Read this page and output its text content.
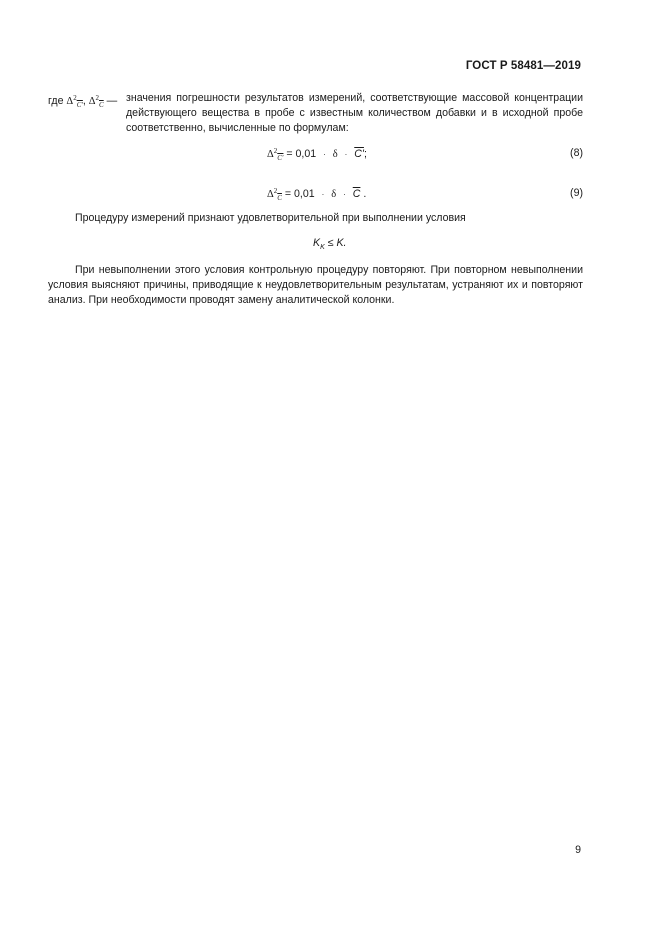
ГОСТ Р 58481—2019
где $\Delta^2_{C'}$, $\Delta^2_{\overline{C}}$ — значения погрешности результатов измерений, соответствующие массовой концентрации действующего вещества в пробе с известным количеством добавки и в исходной пробе соответственно, вычисленные по формулам:
$\Delta^2_{C'} = 0,01 \cdot \delta \cdot C'$;	(8)
$\Delta^2_{\overline{C}} = 0,01 \cdot \delta \cdot \overline{C}$ .	(9)
Процедуру измерений признают удовлетворительной при выполнении условия
$K_K \le K$.
При невыполнении этого условия контрольную процедуру повторяют. При повторном невыполнении условия выясняют причины, приводящие к неудовлетворительным результатам, устраняют их и повторяют анализ. При необходимости проводят замену аналитической колонки.
9
